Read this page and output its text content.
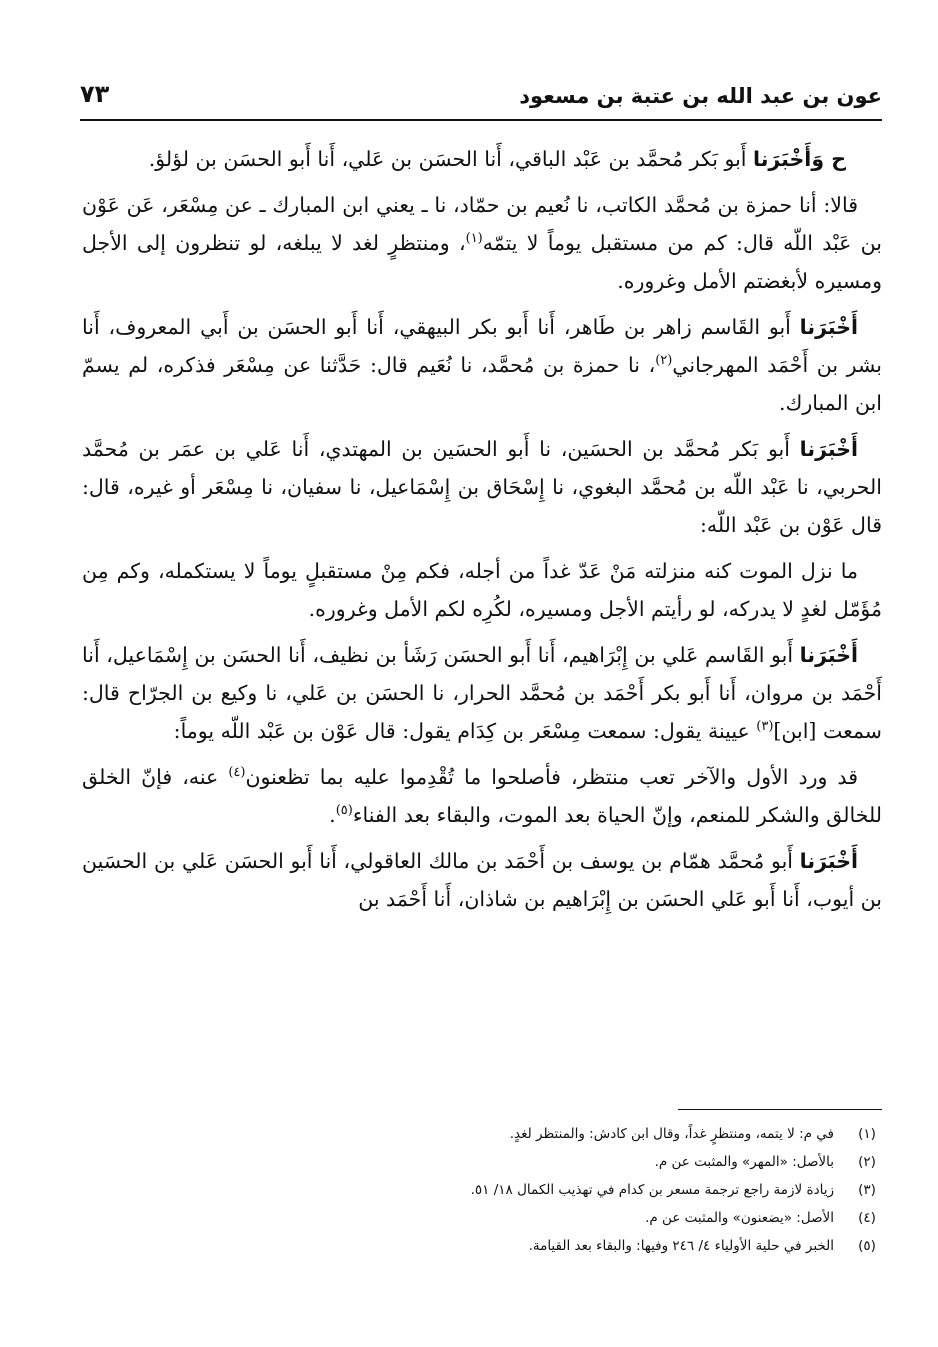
عون بن عبد الله بن عتبة بن مسعود
٧٣

ح وَأَخْبَرَنا أَبو بَكر مُحمَّد بن عَبْد الباقي، أَنا الحسَن بن عَلي، أَنا أَبو الحسَن بن لؤلؤ.

قالا: أنا حمزة بن مُحمَّد الكاتب، نا نُعيم بن حمّاد، نا ـ يعني ابن المبارك ـ عن مِسْعَر، عَن عَوْن بن عَبْد اللّه قال: كم من مستقبل يوماً لا يتمّه$^{(١)}$، ومنتظرٍ لغد لا يبلغه، لو تنظرون إلى الأجل ومسيره لأبغضتم الأمل وغروره.

أَخْبَرَنا أَبو القَاسم زاهر بن طَاهر، أَنا أَبو بكر البيهقي، أَنا أَبو الحسَن بن أَبي المعروف، أَنا بشر بن أَحْمَد المهرجاني$^{(٢)}$، نا حمزة بن مُحمَّد، نا نُعَيم قال: حَدَّثنا عن مِسْعَر فذكره، لم يسمّ ابن المبارك.

أَخْبَرَنا أَبو بَكر مُحمَّد بن الحسَين، نا أَبو الحسَين بن المهتدي، أَنا عَلي بن عمَر بن مُحمَّد الحربي، نا عَبْد اللّه بن مُحمَّد البغوي، نا إِسْحَاق بن إِسْمَاعيل، نا سفيان، نا مِسْعَر أو غيره، قال: قال عَوْن بن عَبْد اللّه:

ما نزل الموت كنه منزلته مَنْ عَدّ غداً من أجله، فكم مِنْ مستقبلٍ يوماً لا يستكمله، وكم مِن مُؤَمّل لغدٍ لا يدركه، لو رأيتم الأجل ومسيره، لكُرِه لكم الأمل وغروره.

أَخْبَرَنا أَبو القَاسم عَلي بن إِبْرَاهيم، أَنا أَبو الحسَن رَشَأ بن نظيف، أَنا الحسَن بن إِسْمَاعيل، أَنا أَحْمَد بن مروان، أَنا أَبو بكر أَحْمَد بن مُحمَّد الحرار، نا الحسَن بن عَلي، نا وكيع بن الجرّاح قال: سمعت [ابن]$^{(٣)}$ عيينة يقول: سمعت مِسْعَر بن كِدَام يقول: قال عَوْن بن عَبْد اللّه يوماً:

قد ورد الأول والآخر تعب منتظر، فأصلحوا ما تُقْدِموا عليه بما تظعنون$^{(٤)}$ عنه، فإنّ الخلق للخالق والشكر للمنعم، وإنّ الحياة بعد الموت، والبقاء بعد الفناء$^{(٥)}$.

أَخْبَرَنا أَبو مُحمَّد همّام بن يوسف بن أَحْمَد بن مالك العاقولي، أَنا أَبو الحسَن عَلي بن الحسَين بن أيوب، أَنا أَبو عَلي الحسَن بن إِبْرَاهيم بن شاذان، أَنا أَحْمَد بن

(١)
في م: لا يتمه، ومنتظرٍ غداً، وقال ابن كادش: والمنتظر لغدٍ.
(٢)
بالأصل: «المهر» والمثبت عن م.
(٣)
زيادة لازمة راجع ترجمة مسعر بن كدام في تهذيب الكمال ١٨/ ٥١.
(٤)
الأصل: «يضعنون» والمثبت عن م.
(٥)
الخبر في حلية الأولياء ٤/ ٢٤٦ وفيها: والبقاء بعد القيامة.
